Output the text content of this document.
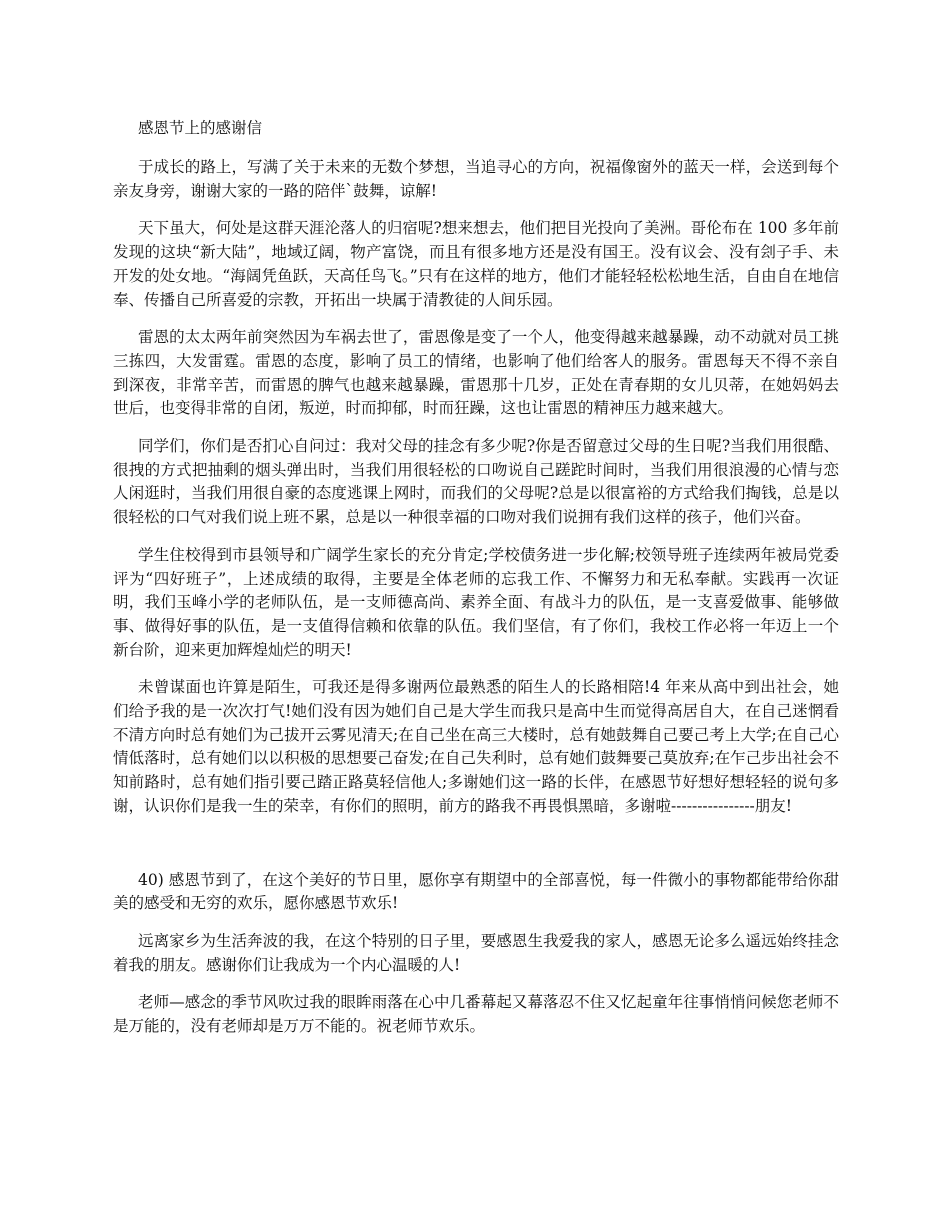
感恩节上的感谢信

于成长的路上，写满了关于未来的无数个梦想，当追寻心的方向，祝福像窗外的蓝天一样，会送到每个亲友身旁，谢谢大家的一路的陪伴`鼓舞，谅解!

天下虽大，何处是这群天涯沦落人的归宿呢?想来想去，他们把目光投向了美洲。哥伦布在 100 多年前发现的这块“新大陆”，地域辽阔，物产富饶，而且有很多地方还是没有国王。没有议会、没有刽子手、未开发的处女地。“海阔凭鱼跃，天高任鸟飞。”只有在这样的地方，他们才能轻轻松松地生活，自由自在地信奉、传播自己所喜爱的宗教，开拓出一块属于清教徒的人间乐园。

雷恩的太太两年前突然因为车祸去世了，雷恩像是变了一个人，他变得越来越暴躁，动不动就对员工挑三拣四，大发雷霆。雷恩的态度，影响了员工的情绪，也影响了他们给客人的服务。雷恩每天不得不亲自到深夜，非常辛苦，而雷恩的脾气也越来越暴躁，雷恩那十几岁，正处在青春期的女儿贝蒂，在她妈妈去世后，也变得非常的自闭，叛逆，时而抑郁，时而狂躁，这也让雷恩的精神压力越来越大。

同学们，你们是否扪心自问过：我对父母的挂念有多少呢?你是否留意过父母的生日呢?当我们用很酷、很拽的方式把抽剩的烟头弹出时，当我们用很轻松的口吻说自己蹉跎时间时，当我们用很浪漫的心情与恋人闲逛时，当我们用很自豪的态度逃课上网时，而我们的父母呢?总是以很富裕的方式给我们掏钱，总是以很轻松的口气对我们说上班不累，总是以一种很幸福的口吻对我们说拥有我们这样的孩子，他们兴奋。

学生住校得到市县领导和广阔学生家长的充分肯定;学校债务进一步化解;校领导班子连续两年被局党委评为“四好班子”，上述成绩的取得，主要是全体老师的忘我工作、不懈努力和无私奉献。实践再一次证明，我们玉峰小学的老师队伍，是一支师德高尚、素养全面、有战斗力的队伍，是一支喜爱做事、能够做事、做得好事的队伍，是一支值得信赖和依靠的队伍。我们坚信，有了你们，我校工作必将一年迈上一个新台阶，迎来更加辉煌灿烂的明天!

未曾谋面也许算是陌生，可我还是得多谢两位最熟悉的陌生人的长路相陪!4 年来从高中到出社会，她们给予我的是一次次打气!她们没有因为她们自己是大学生而我只是高中生而觉得高居自大，在自己迷惘看不清方向时总有她们为己拔开云雾见清天;在自己坐在高三大楼时，总有她鼓舞自己要己考上大学;在自己心情低落时，总有她们以以积极的思想要己奋发;在自己失利时，总有她们鼓舞要己莫放弃;在乍己步出社会不知前路时，总有她们指引要己踏正路莫轻信他人;多谢她们这一路的长伴，在感恩节好想好想轻轻的说句多谢，认识你们是我一生的荣幸，有你们的照明，前方的路我不再畏惧黑暗，多谢啦----------------朋友!

40) 感恩节到了，在这个美好的节日里，愿你享有期望中的全部喜悦，每一件微小的事物都能带给你甜美的感受和无穷的欢乐，愿你感恩节欢乐!

远离家乡为生活奔波的我，在这个特别的日子里，要感恩生我爱我的家人，感恩无论多么遥远始终挂念着我的朋友。感谢你们让我成为一个内心温暖的人!

老师—感念的季节风吹过我的眼眸雨落在心中几番幕起又幕落忍不住又忆起童年往事悄悄问候您老师不是万能的，没有老师却是万万不能的。祝老师节欢乐。
